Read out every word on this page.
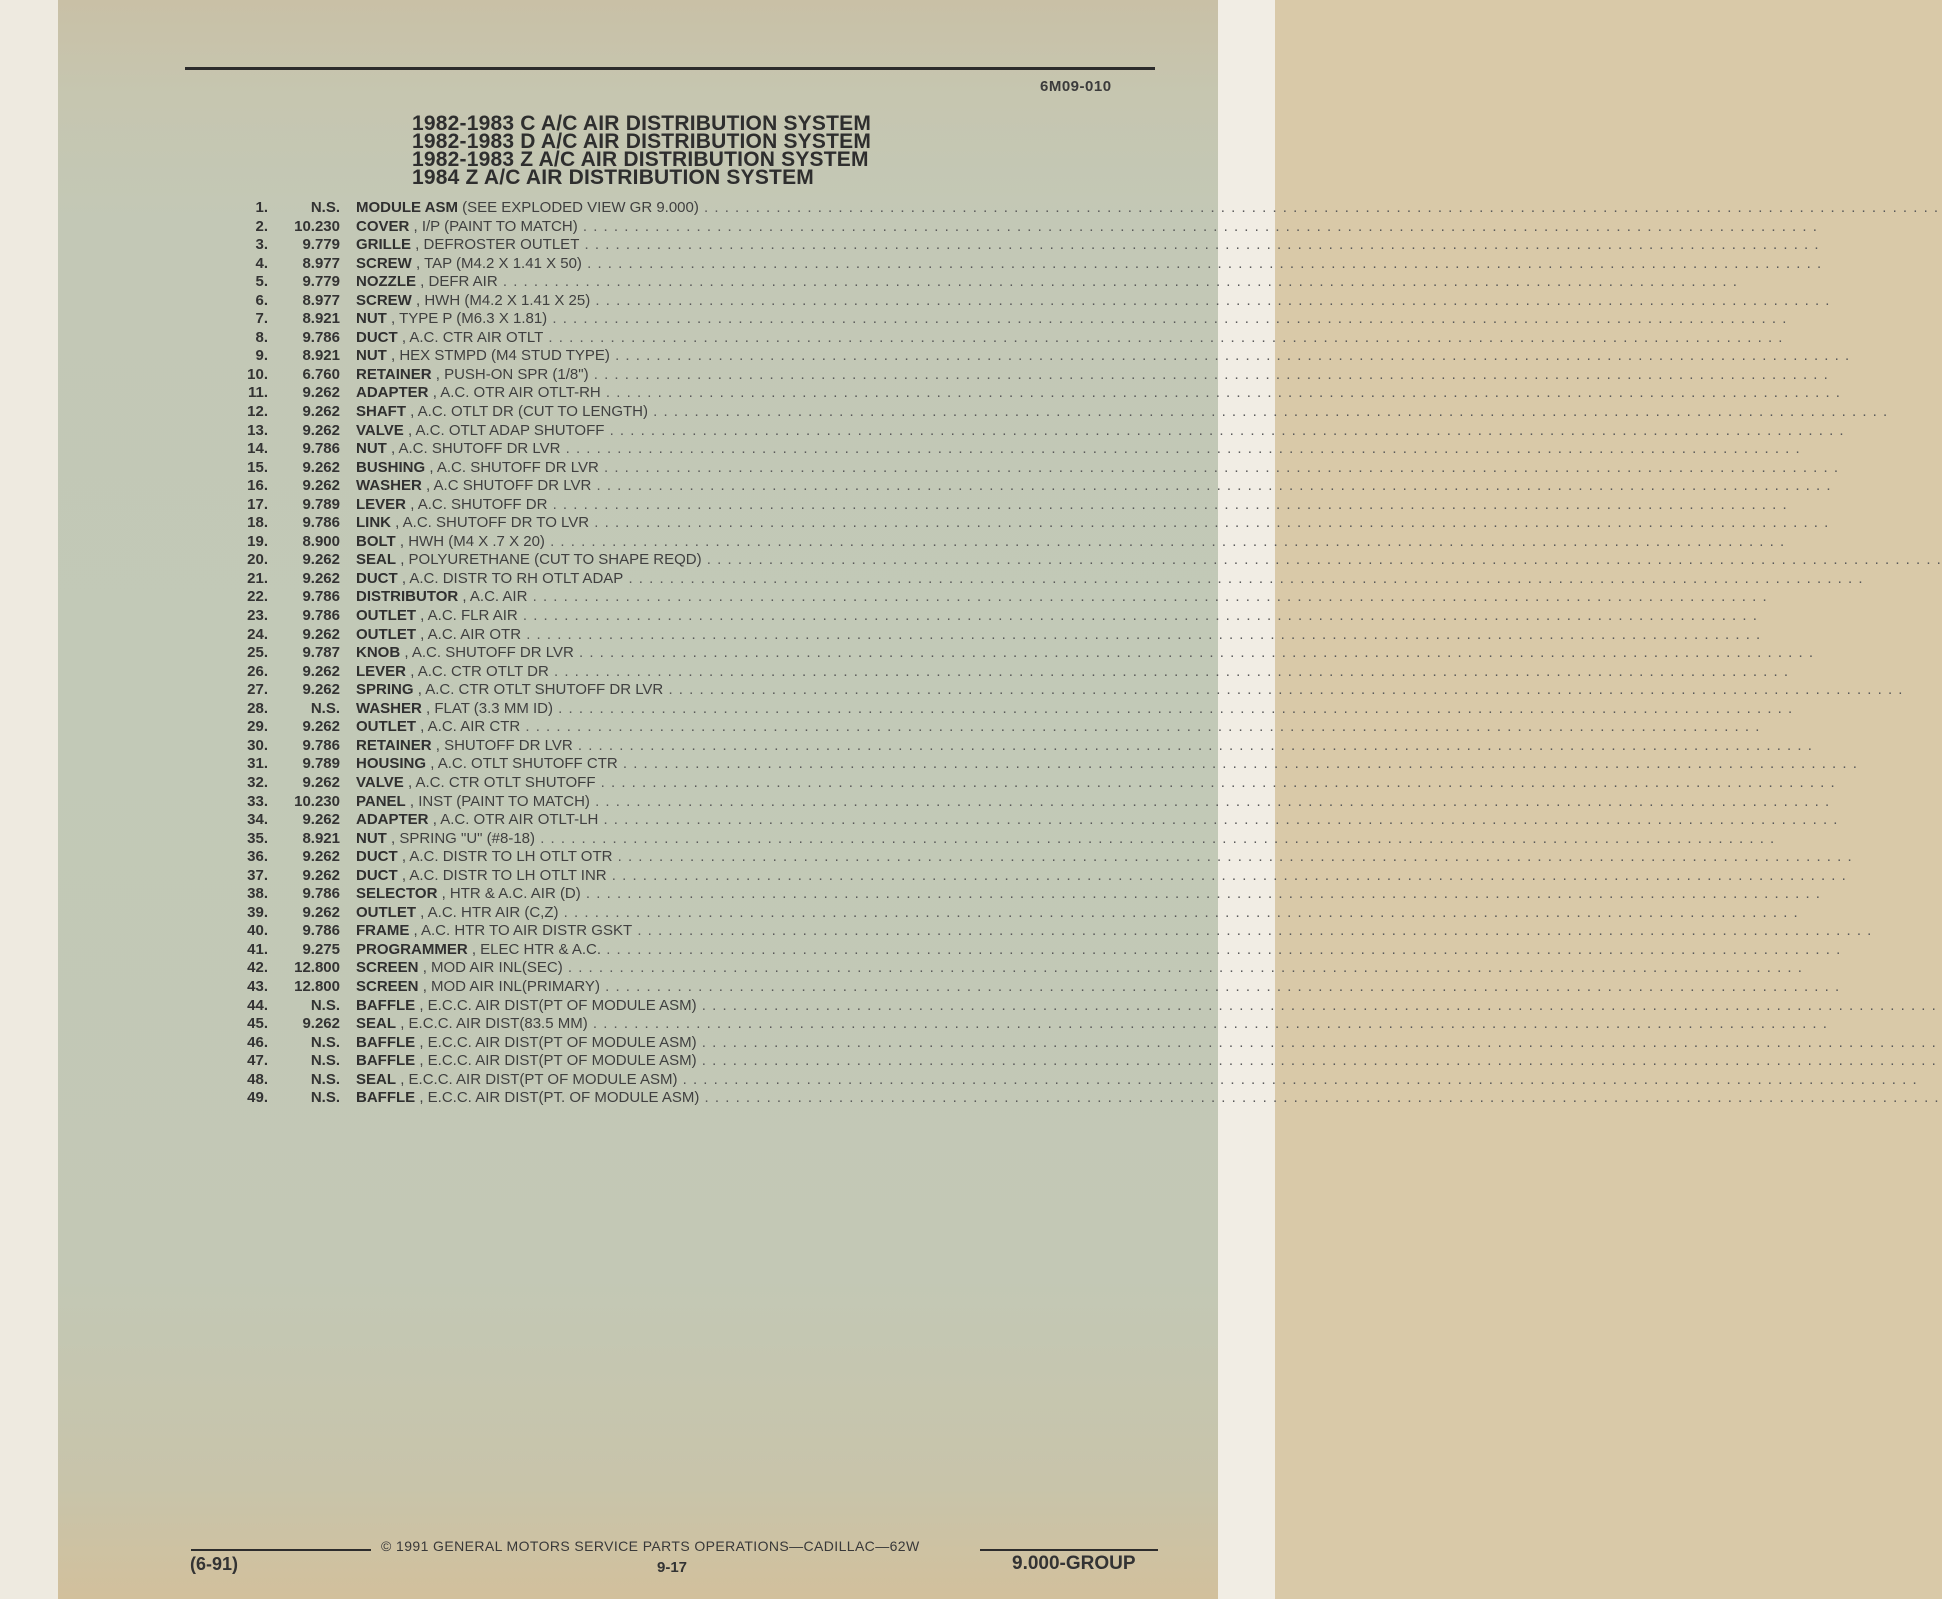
6M09-010
1982-1983 C A/C AIR DISTRIBUTION SYSTEM
1982-1983 D A/C AIR DISTRIBUTION SYSTEM
1982-1983 Z A/C AIR DISTRIBUTION SYSTEM
1984 Z A/C AIR DISTRIBUTION SYSTEM
1.	N.S. MODULE ASM (SEE EXPLODED VIEW GR 9.000) . . . . . . . . . . . . . . . . . . . . . . . . . . . . . . . . . . . . . . . . . . . . . . . . . . . . . . . . . . . . . . . . . . . . . . . . . . . . . . . . . . . . . . . . . . . . . . . . . . . . . . . . . . . . . . . . . . . . . . . .
2.	10.230 COVER , I/P (PAINT TO MATCH) . . . . . . . . . . . . . . . . . . . . . . . . . . . . . . . . . . . . . . . . . . . . . . . . . . . . . . . . . . . . . . . . . . . . . . . . . . . . . . . . . . . . . . . . . . . . . . . . . . . . . . . . . . . . . . . . . . . . . . . .
3.	9.779 GRILLE , DEFROSTER OUTLET . . . . . . . . . . . . . . . . . . . . . . . . . . . . . . . . . . . . . . . . . . . . . . . . . . . . . . . . . . . . . . . . . . . . . . . . . . . . . . . . . . . . . . . . . . . . . . . . . . . . . . . . . . . . . . . . . . . . . . . .
4.	8.977 SCREW , TAP (M4.2 X 1.41 X 50) . . . . . . . . . . . . . . . . . . . . . . . . . . . . . . . . . . . . . . . . . . . . . . . . . . . . . . . . . . . . . . . . . . . . . . . . . . . . . . . . . . . . . . . . . . . . . . . . . . . . . . . . . . . . . . . . . . . . . . . .
5.	9.779 NOZZLE , DEFR AIR . . . . . . . . . . . . . . . . . . . . . . . . . . . . . . . . . . . . . . . . . . . . . . . . . . . . . . . . . . . . . . . . . . . . . . . . . . . . . . . . . . . . . . . . . . . . . . . . . . . . . . . . . . . . . . . . . . . . . . . .
6.	8.977 SCREW , HWH (M4.2 X 1.41 X 25) . . . . . . . . . . . . . . . . . . . . . . . . . . . . . . . . . . . . . . . . . . . . . . . . . . . . . . . . . . . . . . . . . . . . . . . . . . . . . . . . . . . . . . . . . . . . . . . . . . . . . . . . . . . . . . . . . . . . . . . .
7.	8.921 NUT , TYPE P (M6.3 X 1.81) . . . . . . . . . . . . . . . . . . . . . . . . . . . . . . . . . . . . . . . . . . . . . . . . . . . . . . . . . . . . . . . . . . . . . . . . . . . . . . . . . . . . . . . . . . . . . . . . . . . . . . . . . . . . . . . . . . . . . . . .
8.	9.786 DUCT , A.C. CTR AIR OTLT . . . . . . . . . . . . . . . . . . . . . . . . . . . . . . . . . . . . . . . . . . . . . . . . . . . . . . . . . . . . . . . . . . . . . . . . . . . . . . . . . . . . . . . . . . . . . . . . . . . . . . . . . . . . . . . . . . . . . . . .
9.	8.921 NUT , HEX STMPD (M4 STUD TYPE) . . . . . . . . . . . . . . . . . . . . . . . . . . . . . . . . . . . . . . . . . . . . . . . . . . . . . . . . . . . . . . . . . . . . . . . . . . . . . . . . . . . . . . . . . . . . . . . . . . . . . . . . . . . . . . . . . . . . . . . .
10.	6.760 RETAINER , PUSH-ON SPR (1/8") . . . . . . . . . . . . . . . . . . . . . . . . . . . . . . . . . . . . . . . . . . . . . . . . . . . . . . . . . . . . . . . . . . . . . . . . . . . . . . . . . . . . . . . . . . . . . . . . . . . . . . . . . . . . . . . . . . . . . . . .
11.	9.262 ADAPTER , A.C. OTR AIR OTLT-RH . . . . . . . . . . . . . . . . . . . . . . . . . . . . . . . . . . . . . . . . . . . . . . . . . . . . . . . . . . . . . . . . . . . . . . . . . . . . . . . . . . . . . . . . . . . . . . . . . . . . . . . . . . . . . . . . . . . . . . . .
12.	9.262 SHAFT , A.C. OTLT DR (CUT TO LENGTH) . . . . . . . . . . . . . . . . . . . . . . . . . . . . . . . . . . . . . . . . . . . . . . . . . . . . . . . . . . . . . . . . . . . . . . . . . . . . . . . . . . . . . . . . . . . . . . . . . . . . . . . . . . . . . . . . . . . . . . . .
13.	9.262 VALVE , A.C. OTLT ADAP SHUTOFF . . . . . . . . . . . . . . . . . . . . . . . . . . . . . . . . . . . . . . . . . . . . . . . . . . . . . . . . . . . . . . . . . . . . . . . . . . . . . . . . . . . . . . . . . . . . . . . . . . . . . . . . . . . . . . . . . . . . . . . .
14.	9.786 NUT , A.C. SHUTOFF DR LVR . . . . . . . . . . . . . . . . . . . . . . . . . . . . . . . . . . . . . . . . . . . . . . . . . . . . . . . . . . . . . . . . . . . . . . . . . . . . . . . . . . . . . . . . . . . . . . . . . . . . . . . . . . . . . . . . . . . . . . . .
15.	9.262 BUSHING , A.C. SHUTOFF DR LVR . . . . . . . . . . . . . . . . . . . . . . . . . . . . . . . . . . . . . . . . . . . . . . . . . . . . . . . . . . . . . . . . . . . . . . . . . . . . . . . . . . . . . . . . . . . . . . . . . . . . . . . . . . . . . . . . . . . . . . . .
16.	9.262 WASHER , A.C SHUTOFF DR LVR . . . . . . . . . . . . . . . . . . . . . . . . . . . . . . . . . . . . . . . . . . . . . . . . . . . . . . . . . . . . . . . . . . . . . . . . . . . . . . . . . . . . . . . . . . . . . . . . . . . . . . . . . . . . . . . . . . . . . . . .
17.	9.789 LEVER , A.C. SHUTOFF DR . . . . . . . . . . . . . . . . . . . . . . . . . . . . . . . . . . . . . . . . . . . . . . . . . . . . . . . . . . . . . . . . . . . . . . . . . . . . . . . . . . . . . . . . . . . . . . . . . . . . . . . . . . . . . . . . . . . . . . . .
18.	9.786 LINK , A.C. SHUTOFF DR TO LVR . . . . . . . . . . . . . . . . . . . . . . . . . . . . . . . . . . . . . . . . . . . . . . . . . . . . . . . . . . . . . . . . . . . . . . . . . . . . . . . . . . . . . . . . . . . . . . . . . . . . . . . . . . . . . . . . . . . . . . . .
19.	8.900 BOLT , HWH (M4 X .7 X 20) . . . . . . . . . . . . . . . . . . . . . . . . . . . . . . . . . . . . . . . . . . . . . . . . . . . . . . . . . . . . . . . . . . . . . . . . . . . . . . . . . . . . . . . . . . . . . . . . . . . . . . . . . . . . . . . . . . . . . . . .
20.	9.262 SEAL , POLYURETHANE (CUT TO SHAPE REQD) . . . . . . . . . . . . . . . . . . . . . . . . . . . . . . . . . . . . . . . . . . . . . . . . . . . . . . . . . . . . . . . . . . . . . . . . . . . . . . . . . . . . . . . . . . . . . . . . . . . . . . . . . . . . . . . . . . . . . . . .
21.	9.262 DUCT , A.C. DISTR TO RH OTLT ADAP . . . . . . . . . . . . . . . . . . . . . . . . . . . . . . . . . . . . . . . . . . . . . . . . . . . . . . . . . . . . . . . . . . . . . . . . . . . . . . . . . . . . . . . . . . . . . . . . . . . . . . . . . . . . . . . . . . . . . . . .
22.	9.786 DISTRIBUTOR , A.C. AIR . . . . . . . . . . . . . . . . . . . . . . . . . . . . . . . . . . . . . . . . . . . . . . . . . . . . . . . . . . . . . . . . . . . . . . . . . . . . . . . . . . . . . . . . . . . . . . . . . . . . . . . . . . . . . . . . . . . . . . . .
23.	9.786 OUTLET , A.C. FLR AIR . . . . . . . . . . . . . . . . . . . . . . . . . . . . . . . . . . . . . . . . . . . . . . . . . . . . . . . . . . . . . . . . . . . . . . . . . . . . . . . . . . . . . . . . . . . . . . . . . . . . . . . . . . . . . . . . . . . . . . . .
24.	9.262 OUTLET , A.C. AIR OTR . . . . . . . . . . . . . . . . . . . . . . . . . . . . . . . . . . . . . . . . . . . . . . . . . . . . . . . . . . . . . . . . . . . . . . . . . . . . . . . . . . . . . . . . . . . . . . . . . . . . . . . . . . . . . . . . . . . . . . . .
25.	9.787 KNOB , A.C. SHUTOFF DR LVR . . . . . . . . . . . . . . . . . . . . . . . . . . . . . . . . . . . . . . . . . . . . . . . . . . . . . . . . . . . . . . . . . . . . . . . . . . . . . . . . . . . . . . . . . . . . . . . . . . . . . . . . . . . . . . . . . . . . . . . .
26.	9.262 LEVER , A.C. CTR OTLT DR . . . . . . . . . . . . . . . . . . . . . . . . . . . . . . . . . . . . . . . . . . . . . . . . . . . . . . . . . . . . . . . . . . . . . . . . . . . . . . . . . . . . . . . . . . . . . . . . . . . . . . . . . . . . . . . . . . . . . . . .
27.	9.262 SPRING , A.C. CTR OTLT SHUTOFF DR LVR . . . . . . . . . . . . . . . . . . . . . . . . . . . . . . . . . . . . . . . . . . . . . . . . . . . . . . . . . . . . . . . . . . . . . . . . . . . . . . . . . . . . . . . . . . . . . . . . . . . . . . . . . . . . . . . . . . . . . . . .
28.	N.S. WASHER , FLAT (3.3 MM ID) . . . . . . . . . . . . . . . . . . . . . . . . . . . . . . . . . . . . . . . . . . . . . . . . . . . . . . . . . . . . . . . . . . . . . . . . . . . . . . . . . . . . . . . . . . . . . . . . . . . . . . . . . . . . . . . . . . . . . . . .
29.	9.262 OUTLET , A.C. AIR CTR . . . . . . . . . . . . . . . . . . . . . . . . . . . . . . . . . . . . . . . . . . . . . . . . . . . . . . . . . . . . . . . . . . . . . . . . . . . . . . . . . . . . . . . . . . . . . . . . . . . . . . . . . . . . . . . . . . . . . . . .
30.	9.786 RETAINER , SHUTOFF DR LVR . . . . . . . . . . . . . . . . . . . . . . . . . . . . . . . . . . . . . . . . . . . . . . . . . . . . . . . . . . . . . . . . . . . . . . . . . . . . . . . . . . . . . . . . . . . . . . . . . . . . . . . . . . . . . . . . . . . . . . . .
31.	9.789 HOUSING , A.C. OTLT SHUTOFF CTR . . . . . . . . . . . . . . . . . . . . . . . . . . . . . . . . . . . . . . . . . . . . . . . . . . . . . . . . . . . . . . . . . . . . . . . . . . . . . . . . . . . . . . . . . . . . . . . . . . . . . . . . . . . . . . . . . . . . . . . .
32.	9.262 VALVE , A.C. CTR OTLT SHUTOFF . . . . . . . . . . . . . . . . . . . . . . . . . . . . . . . . . . . . . . . . . . . . . . . . . . . . . . . . . . . . . . . . . . . . . . . . . . . . . . . . . . . . . . . . . . . . . . . . . . . . . . . . . . . . . . . . . . . . . . . .
33.	10.230 PANEL , INST (PAINT TO MATCH) . . . . . . . . . . . . . . . . . . . . . . . . . . . . . . . . . . . . . . . . . . . . . . . . . . . . . . . . . . . . . . . . . . . . . . . . . . . . . . . . . . . . . . . . . . . . . . . . . . . . . . . . . . . . . . . . . . . . . . . .
34.	9.262 ADAPTER , A.C. OTR AIR OTLT-LH . . . . . . . . . . . . . . . . . . . . . . . . . . . . . . . . . . . . . . . . . . . . . . . . . . . . . . . . . . . . . . . . . . . . . . . . . . . . . . . . . . . . . . . . . . . . . . . . . . . . . . . . . . . . . . . . . . . . . . . .
35.	8.921 NUT , SPRING "U" (#8-18) . . . . . . . . . . . . . . . . . . . . . . . . . . . . . . . . . . . . . . . . . . . . . . . . . . . . . . . . . . . . . . . . . . . . . . . . . . . . . . . . . . . . . . . . . . . . . . . . . . . . . . . . . . . . . . . . . . . . . . . .
36.	9.262 DUCT , A.C. DISTR TO LH OTLT OTR . . . . . . . . . . . . . . . . . . . . . . . . . . . . . . . . . . . . . . . . . . . . . . . . . . . . . . . . . . . . . . . . . . . . . . . . . . . . . . . . . . . . . . . . . . . . . . . . . . . . . . . . . . . . . . . . . . . . . . . .
37.	9.262 DUCT , A.C. DISTR TO LH OTLT INR . . . . . . . . . . . . . . . . . . . . . . . . . . . . . . . . . . . . . . . . . . . . . . . . . . . . . . . . . . . . . . . . . . . . . . . . . . . . . . . . . . . . . . . . . . . . . . . . . . . . . . . . . . . . . . . . . . . . . . . .
38.	9.786 SELECTOR , HTR & A.C. AIR (D) . . . . . . . . . . . . . . . . . . . . . . . . . . . . . . . . . . . . . . . . . . . . . . . . . . . . . . . . . . . . . . . . . . . . . . . . . . . . . . . . . . . . . . . . . . . . . . . . . . . . . . . . . . . . . . . . . . . . . . . .
39.	9.262 OUTLET , A.C. HTR AIR (C,Z) . . . . . . . . . . . . . . . . . . . . . . . . . . . . . . . . . . . . . . . . . . . . . . . . . . . . . . . . . . . . . . . . . . . . . . . . . . . . . . . . . . . . . . . . . . . . . . . . . . . . . . . . . . . . . . . . . . . . . . . .
40.	9.786 FRAME , A.C. HTR TO AIR DISTR GSKT . . . . . . . . . . . . . . . . . . . . . . . . . . . . . . . . . . . . . . . . . . . . . . . . . . . . . . . . . . . . . . . . . . . . . . . . . . . . . . . . . . . . . . . . . . . . . . . . . . . . . . . . . . . . . . . . . . . . . . . .
41.	9.275 PROGRAMMER , ELEC HTR & A.C. . . . . . . . . . . . . . . . . . . . . . . . . . . . . . . . . . . . . . . . . . . . . . . . . . . . . . . . . . . . . . . . . . . . . . . . . . . . . . . . . . . . . . . . . . . . . . . . . . . . . . . . . . . . . . . . . . . . . . . . .
42.	12.800 SCREEN , MOD AIR INL(SEC) . . . . . . . . . . . . . . . . . . . . . . . . . . . . . . . . . . . . . . . . . . . . . . . . . . . . . . . . . . . . . . . . . . . . . . . . . . . . . . . . . . . . . . . . . . . . . . . . . . . . . . . . . . . . . . . . . . . . . . . .
43.	12.800 SCREEN , MOD AIR INL(PRIMARY) . . . . . . . . . . . . . . . . . . . . . . . . . . . . . . . . . . . . . . . . . . . . . . . . . . . . . . . . . . . . . . . . . . . . . . . . . . . . . . . . . . . . . . . . . . . . . . . . . . . . . . . . . . . . . . . . . . . . . . . .
44.	N.S. BAFFLE , E.C.C. AIR DIST(PT OF MODULE ASM) . . . . . . . . . . . . . . . . . . . . . . . . . . . . . . . . . . . . . . . . . . . . . . . . . . . . . . . . . . . . . . . . . . . . . . . . . . . . . . . . . . . . . . . . . . . . . . . . . . . . . . . . . . . . . . . . . . . . . . . .
45.	9.262 SEAL , E.C.C. AIR DIST(83.5 MM) . . . . . . . . . . . . . . . . . . . . . . . . . . . . . . . . . . . . . . . . . . . . . . . . . . . . . . . . . . . . . . . . . . . . . . . . . . . . . . . . . . . . . . . . . . . . . . . . . . . . . . . . . . . . . . . . . . . . . . . .
46.	N.S. BAFFLE , E.C.C. AIR DIST(PT OF MODULE ASM) . . . . . . . . . . . . . . . . . . . . . . . . . . . . . . . . . . . . . . . . . . . . . . . . . . . . . . . . . . . . . . . . . . . . . . . . . . . . . . . . . . . . . . . . . . . . . . . . . . . . . . . . . . . . . . . . . . . . . . . .
47.	N.S. BAFFLE , E.C.C. AIR DIST(PT OF MODULE ASM) . . . . . . . . . . . . . . . . . . . . . . . . . . . . . . . . . . . . . . . . . . . . . . . . . . . . . . . . . . . . . . . . . . . . . . . . . . . . . . . . . . . . . . . . . . . . . . . . . . . . . . . . . . . . . . . . . . . . . . . .
48.	N.S. SEAL , E.C.C. AIR DIST(PT OF MODULE ASM) . . . . . . . . . . . . . . . . . . . . . . . . . . . . . . . . . . . . . . . . . . . . . . . . . . . . . . . . . . . . . . . . . . . . . . . . . . . . . . . . . . . . . . . . . . . . . . . . . . . . . . . . . . . . . . . . . . . . . . . .
49.	N.S. BAFFLE , E.C.C. AIR DIST(PT. OF MODULE ASM) . . . . . . . . . . . . . . . . . . . . . . . . . . . . . . . . . . . . . . . . . . . . . . . . . . . . . . . . . . . . . . . . . . . . . . . . . . . . . . . . . . . . . . . . . . . . . . . . . . . . . . . . . . . . . . . . . . . . . . . .
© 1991 GENERAL MOTORS SERVICE PARTS OPERATIONS—CADILLAC—62W
(6-91)	9-17	9.000-GROUP
